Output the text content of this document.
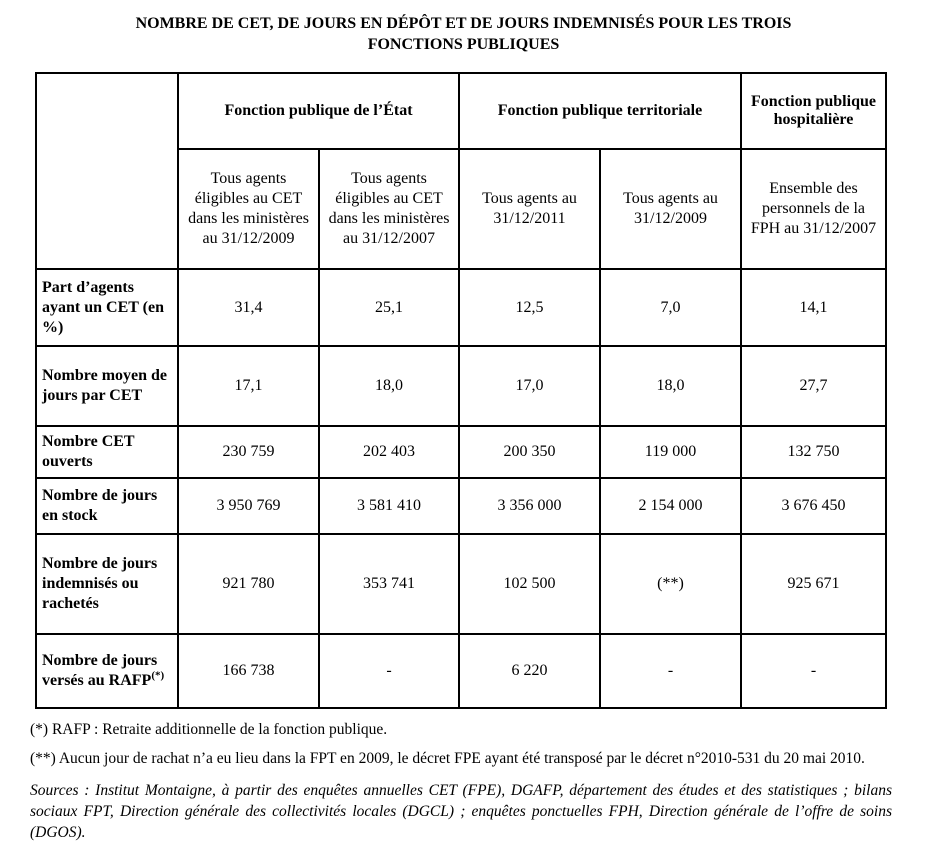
NOMBRE DE CET, DE JOURS EN DÉPÔT ET DE JOURS INDEMNISÉS POUR LES TROIS
FONCTIONS PUBLIQUES
	Fonction publique de l’État		Fonction publique territoriale		Fonction publique hospitalière
	Tous agents éligibles au CET dans les ministères au 31/12/2009	Tous agents éligibles au CET dans les ministères au 31/12/2007	Tous agents au 31/12/2011	Tous agents au 31/12/2009	Ensemble des personnels de la FPH au 31/12/2007
Part d’agents ayant un CET (en %)	31,4	25,1	12,5	7,0	14,1
Nombre moyen de jours par CET	17,1	18,0	17,0	18,0	27,7
Nombre CET ouverts	230 759	202 403	200 350	119 000	132 750
Nombre de jours en stock	3 950 769	3 581 410	3 356 000	2 154 000	3 676 450
Nombre de jours indemnisés ou rachetés	921 780	353 741	102 500	(**)	925 671
Nombre de jours versés au RAFP(*)	166 738	-	6 220	-	-
(*) RAFP : Retraite additionnelle de la fonction publique.
(**) Aucun jour de rachat n’a eu lieu dans la FPT en 2009, le décret FPE ayant été transposé par le décret n°2010-531 du 20 mai 2010.
Sources : Institut Montaigne, à partir des enquêtes annuelles CET (FPE), DGAFP, département des études et des statistiques ; bilans sociaux FPT, Direction générale des collectivités locales (DGCL) ; enquêtes ponctuelles FPH, Direction générale de l’offre de soins (DGOS).
